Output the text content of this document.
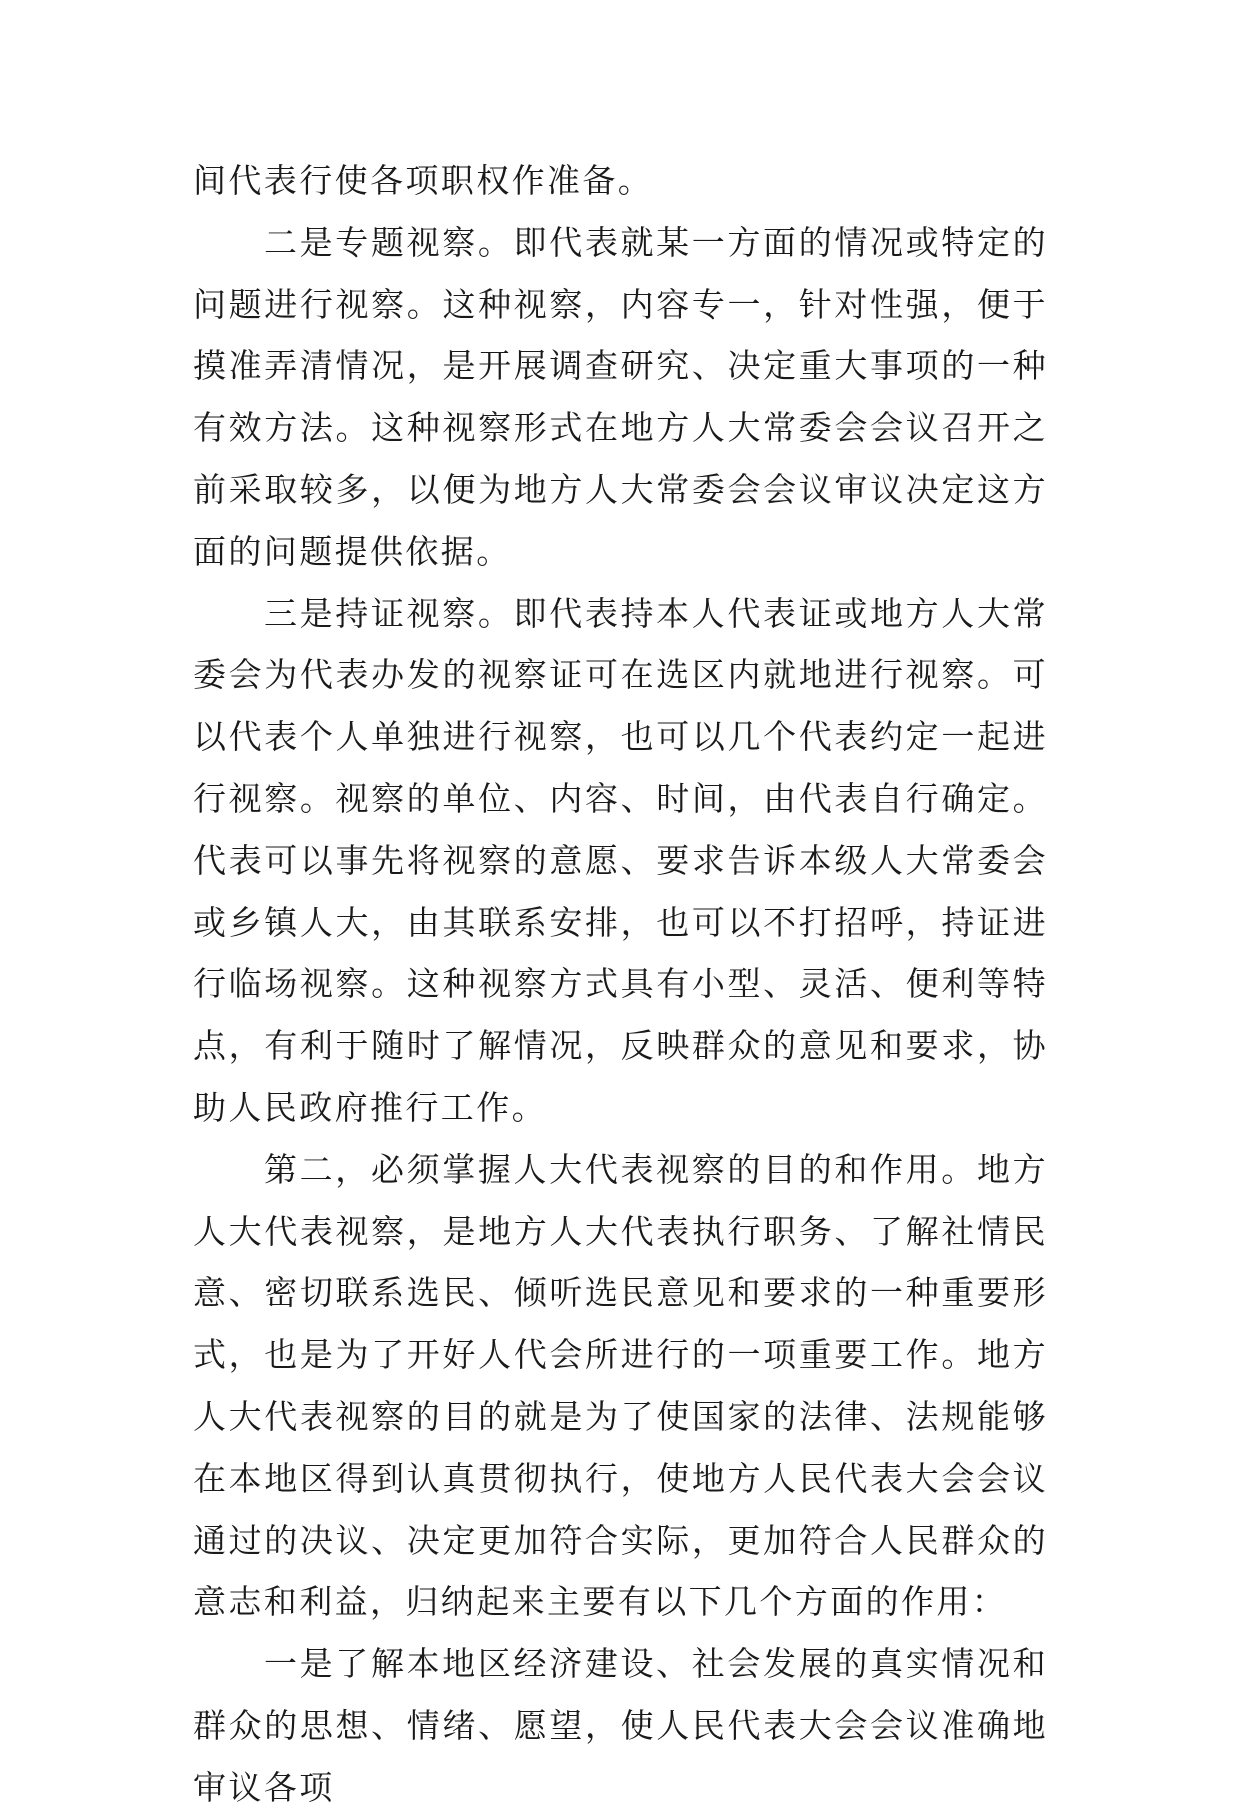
间代表行使各项职权作准备。

二是专题视察。即代表就某一方面的情况或特定的问题进行视察。这种视察，内容专一，针对性强，便于摸准弄清情况，是开展调查研究、决定重大事项的一种有效方法。这种视察形式在地方人大常委会会议召开之前采取较多，以便为地方人大常委会会议审议决定这方面的问题提供依据。

三是持证视察。即代表持本人代表证或地方人大常委会为代表办发的视察证可在选区内就地进行视察。可以代表个人单独进行视察，也可以几个代表约定一起进行视察。视察的单位、内容、时间，由代表自行确定。代表可以事先将视察的意愿、要求告诉本级人大常委会或乡镇人大，由其联系安排，也可以不打招呼，持证进行临场视察。这种视察方式具有小型、灵活、便利等特点，有利于随时了解情况，反映群众的意见和要求，协助人民政府推行工作。

第二，必须掌握人大代表视察的目的和作用。地方人大代表视察，是地方人大代表执行职务、了解社情民意、密切联系选民、倾听选民意见和要求的一种重要形式，也是为了开好人代会所进行的一项重要工作。地方人大代表视察的目的就是为了使国家的法律、法规能够在本地区得到认真贯彻执行，使地方人民代表大会会议通过的决议、决定更加符合实际，更加符合人民群众的意志和利益，归纳起来主要有以下几个方面的作用：

一是了解本地区经济建设、社会发展的真实情况和群众的思想、情绪、愿望，使人民代表大会会议准确地审议各项
